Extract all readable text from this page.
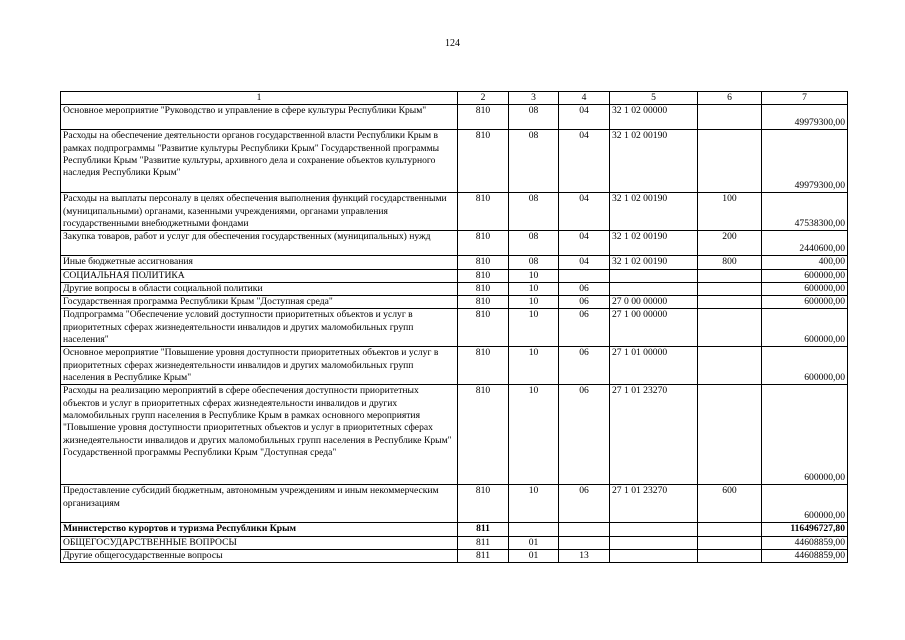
124
1	2	3	4	5	6	7
Основное мероприятие "Руководство и управление в сфере культуры Республики Крым"	810	08	04	32 1 02 00000		49979300,00
Расходы на обеспечение деятельности органов государственной власти Республики Крым в рамках подпрограммы "Развитие культуры Республики Крым" Государственной программы Республики Крым "Развитие культуры, архивного дела и сохранение объектов культурного наследия Республики Крым"	810	08	04	32 1 02 00190		49979300,00
Расходы на выплаты персоналу в целях обеспечения выполнения функций государственными (муниципальными) органами, казенными учреждениями, органами управления государственными внебюджетными фондами	810	08	04	32 1 02 00190	100	47538300,00
Закупка товаров, работ и услуг для обеспечения государственных (муниципальных) нужд	810	08	04	32 1 02 00190	200	2440600,00
Иные бюджетные ассигнования	810	08	04	32 1 02 00190	800	400,00
СОЦИАЛЬНАЯ ПОЛИТИКА	810	10				600000,00
Другие вопросы в области социальной политики	810	10	06			600000,00
Государственная программа Республики Крым "Доступная среда"	810	10	06	27 0 00 00000		600000,00
Подпрограмма "Обеспечение условий доступности приоритетных объектов и услуг в приоритетных сферах жизнедеятельности инвалидов и других маломобильных групп населения"	810	10	06	27 1 00 00000		600000,00
Основное мероприятие "Повышение уровня доступности приоритетных объектов и услуг в приоритетных сферах жизнедеятельности инвалидов и других маломобильных групп населения в Республике Крым"	810	10	06	27 1 01 00000		600000,00
Расходы на реализацию мероприятий в сфере обеспечения доступности приоритетных объектов и услуг в приоритетных сферах жизнедеятельности инвалидов и других маломобильных групп населения в Республике Крым в рамках основного мероприятия "Повышение уровня доступности приоритетных объектов и услуг в приоритетных сферах жизнедеятельности инвалидов и других маломобильных групп населения в Республике Крым" Государственной программы Республики Крым "Доступная среда"	810	10	06	27 1 01 23270		600000,00
Предоставление субсидий бюджетным, автономным учреждениям и иным некоммерческим организациям	810	10	06	27 1 01 23270	600	600000,00
Министерство курортов и туризма Республики Крым	811					116496727,80
ОБЩЕГОСУДАРСТВЕННЫЕ ВОПРОСЫ	811	01				44608859,00
Другие общегосударственные вопросы	811	01	13			44608859,00
